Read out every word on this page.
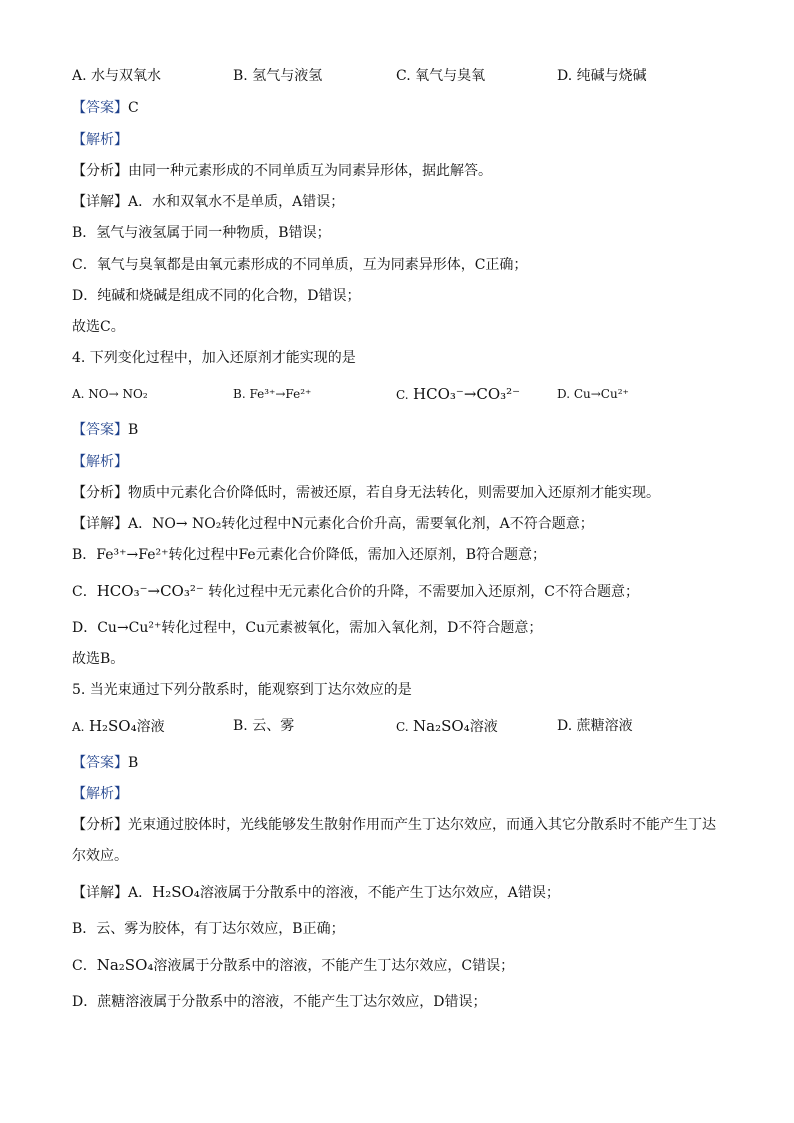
A. 水与双氧水	B. 氢气与液氢	C. 氧气与臭氧	D. 纯碱与烧碱
【答案】C
【解析】
【分析】由同一种元素形成的不同单质互为同素异形体，据此解答。
【详解】A．水和双氧水不是单质，A错误；
B．氢气与液氢属于同一种物质，B错误；
C．氧气与臭氧都是由氧元素形成的不同单质，互为同素异形体，C正确；
D．纯碱和烧碱是组成不同的化合物，D错误；
故选C。
4. 下列变化过程中，加入还原剂才能实现的是
A. NO→ NO₂	B. Fe³⁺→Fe²⁺	C. HCO₃⁻→CO₃²⁻	D. Cu→Cu²⁺
【答案】B
【解析】
【分析】物质中元素化合价降低时，需被还原，若自身无法转化，则需要加入还原剂才能实现。
【详解】A．NO→ NO₂转化过程中N元素化合价升高，需要氧化剂，A不符合题意；
B．Fe³⁺→Fe²⁺转化过程中Fe元素化合价降低，需加入还原剂，B符合题意；
C．HCO₃⁻→CO₃²⁻ 转化过程中无元素化合价的升降，不需要加入还原剂，C不符合题意；
D．Cu→Cu²⁺转化过程中，Cu元素被氧化，需加入氧化剂，D不符合题意；
故选B。
5. 当光束通过下列分散系时，能观察到丁达尔效应的是
A. H₂SO₄溶液	B. 云、雾	C. Na₂SO₄溶液	D. 蔗糖溶液
【答案】B
【解析】
【分析】光束通过胶体时，光线能够发生散射作用而产生丁达尔效应，而通入其它分散系时不能产生丁达
尔效应。
【详解】A．H₂SO₄溶液属于分散系中的溶液，不能产生丁达尔效应，A错误；
B．云、雾为胶体，有丁达尔效应，B正确；
C．Na₂SO₄溶液属于分散系中的溶液，不能产生丁达尔效应，C错误；
D．蔗糖溶液属于分散系中的溶液，不能产生丁达尔效应，D错误；
